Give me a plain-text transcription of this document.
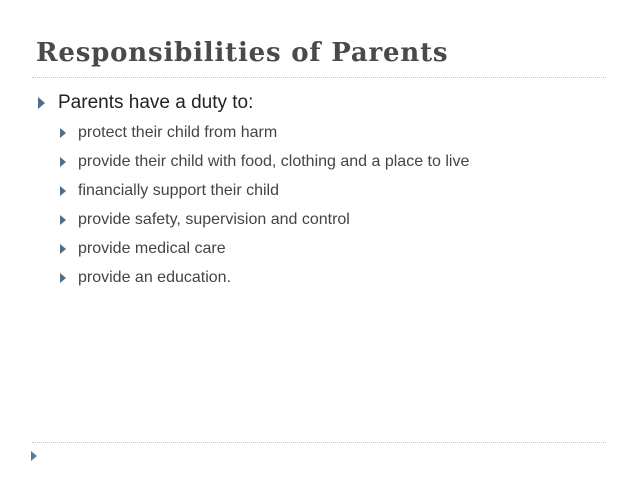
Responsibilities of Parents
Parents have a duty to:
protect their child from harm
provide their child with food, clothing and a place to live
financially support their child
provide safety, supervision and control
provide medical care
provide an education.
